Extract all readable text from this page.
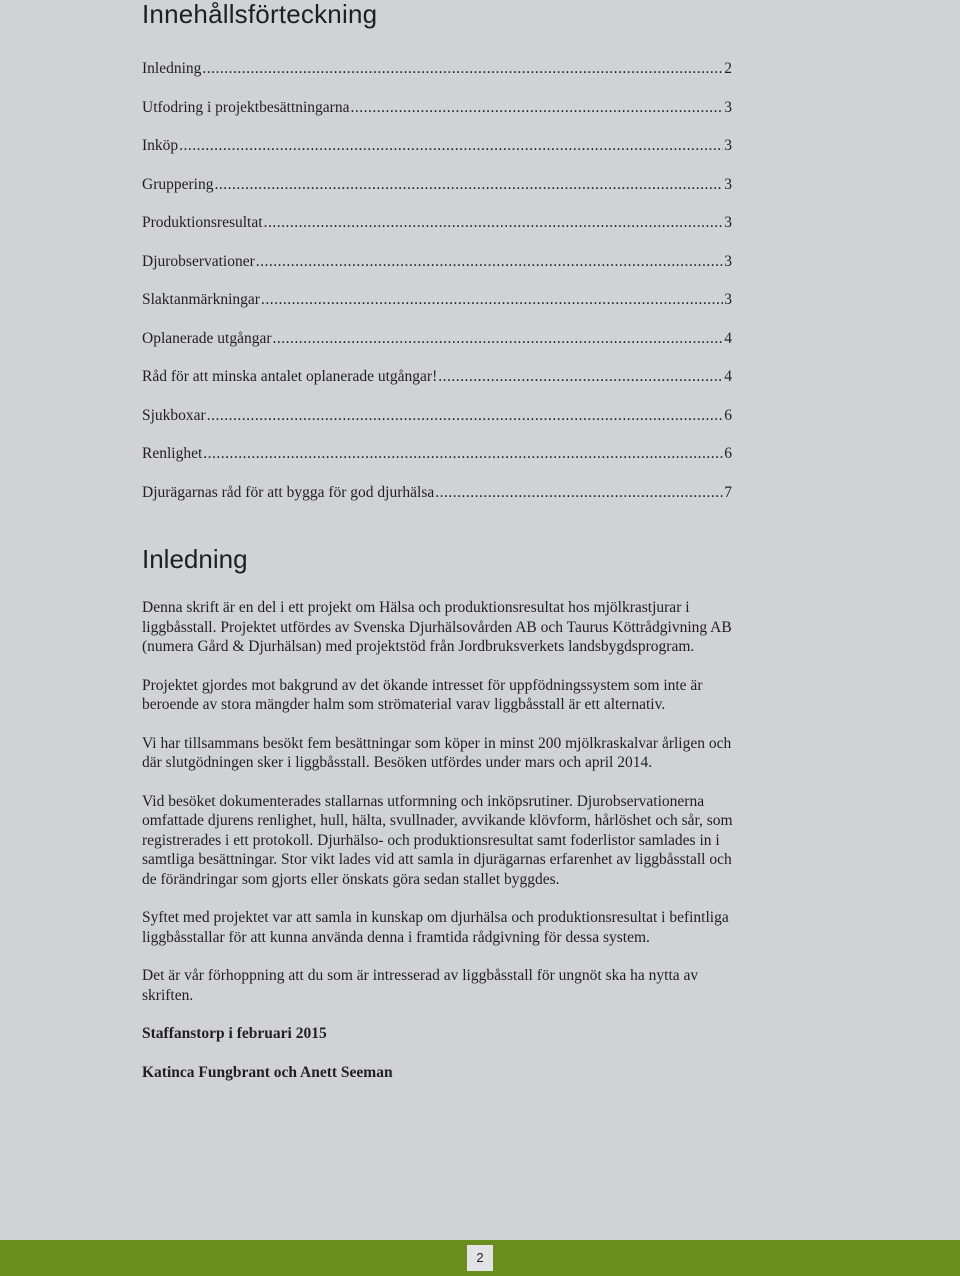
Innehållsförteckning
Inledning .....	2
Utfodring i projektbesättningarna .....	3
Inköp .....	3
Gruppering .....	3
Produktionsresultat .....	3
Djurobservationer .....	3
Slaktanmärkningar .....	3
Oplanerade utgångar .....	4
Råd för att minska antalet oplanerade utgångar! .....	4
Sjukboxar .....	6
Renlighet .....	6
Djurägarnas råd för att bygga för god djurhälsa .....	7
Inledning

Denna skrift är en del i ett projekt om Hälsa och produktionsresultat hos mjölkrastjurar i liggbåsstall. Projektet utfördes av Svenska Djurhälsovården AB och Taurus Köttrådgivning AB (numera Gård & Djurhälsan) med projektstöd från Jordbruksverkets landsbygdsprogram.

Projektet gjordes mot bakgrund av det ökande intresset för uppfödningssystem som inte är beroende av stora mängder halm som strömaterial varav liggbåsstall är ett alternativ.

Vi har tillsammans besökt fem besättningar som köper in minst 200 mjölkraskalvar årligen och där slutgödningen sker i liggbåsstall. Besöken utfördes under mars och april 2014.

Vid besöket dokumenterades stallarnas utformning och inköpsrutiner. Djurobservationerna omfattade djurens renlighet, hull, hälta, svullnader, avvikande klövform, hårlöshet och sår, som registrerades i ett protokoll. Djurhälso- och produktionsresultat samt foderlistor samlades in i samtliga besättningar. Stor vikt lades vid att samla in djurägarnas erfarenhet av liggbåsstall och de förändringar som gjorts eller önskats göra sedan stallet byggdes.

Syftet med projektet var att samla in kunskap om djurhälsa och produktionsresultat i befintliga liggbåsstallar för att kunna använda denna i framtida rådgivning för dessa system.

Det är vår förhoppning att du som är intresserad av liggbåsstall för ungnöt ska ha nytta av skriften.

Staffanstorp i februari 2015

Katinca Fungbrant och Anett Seeman

2
